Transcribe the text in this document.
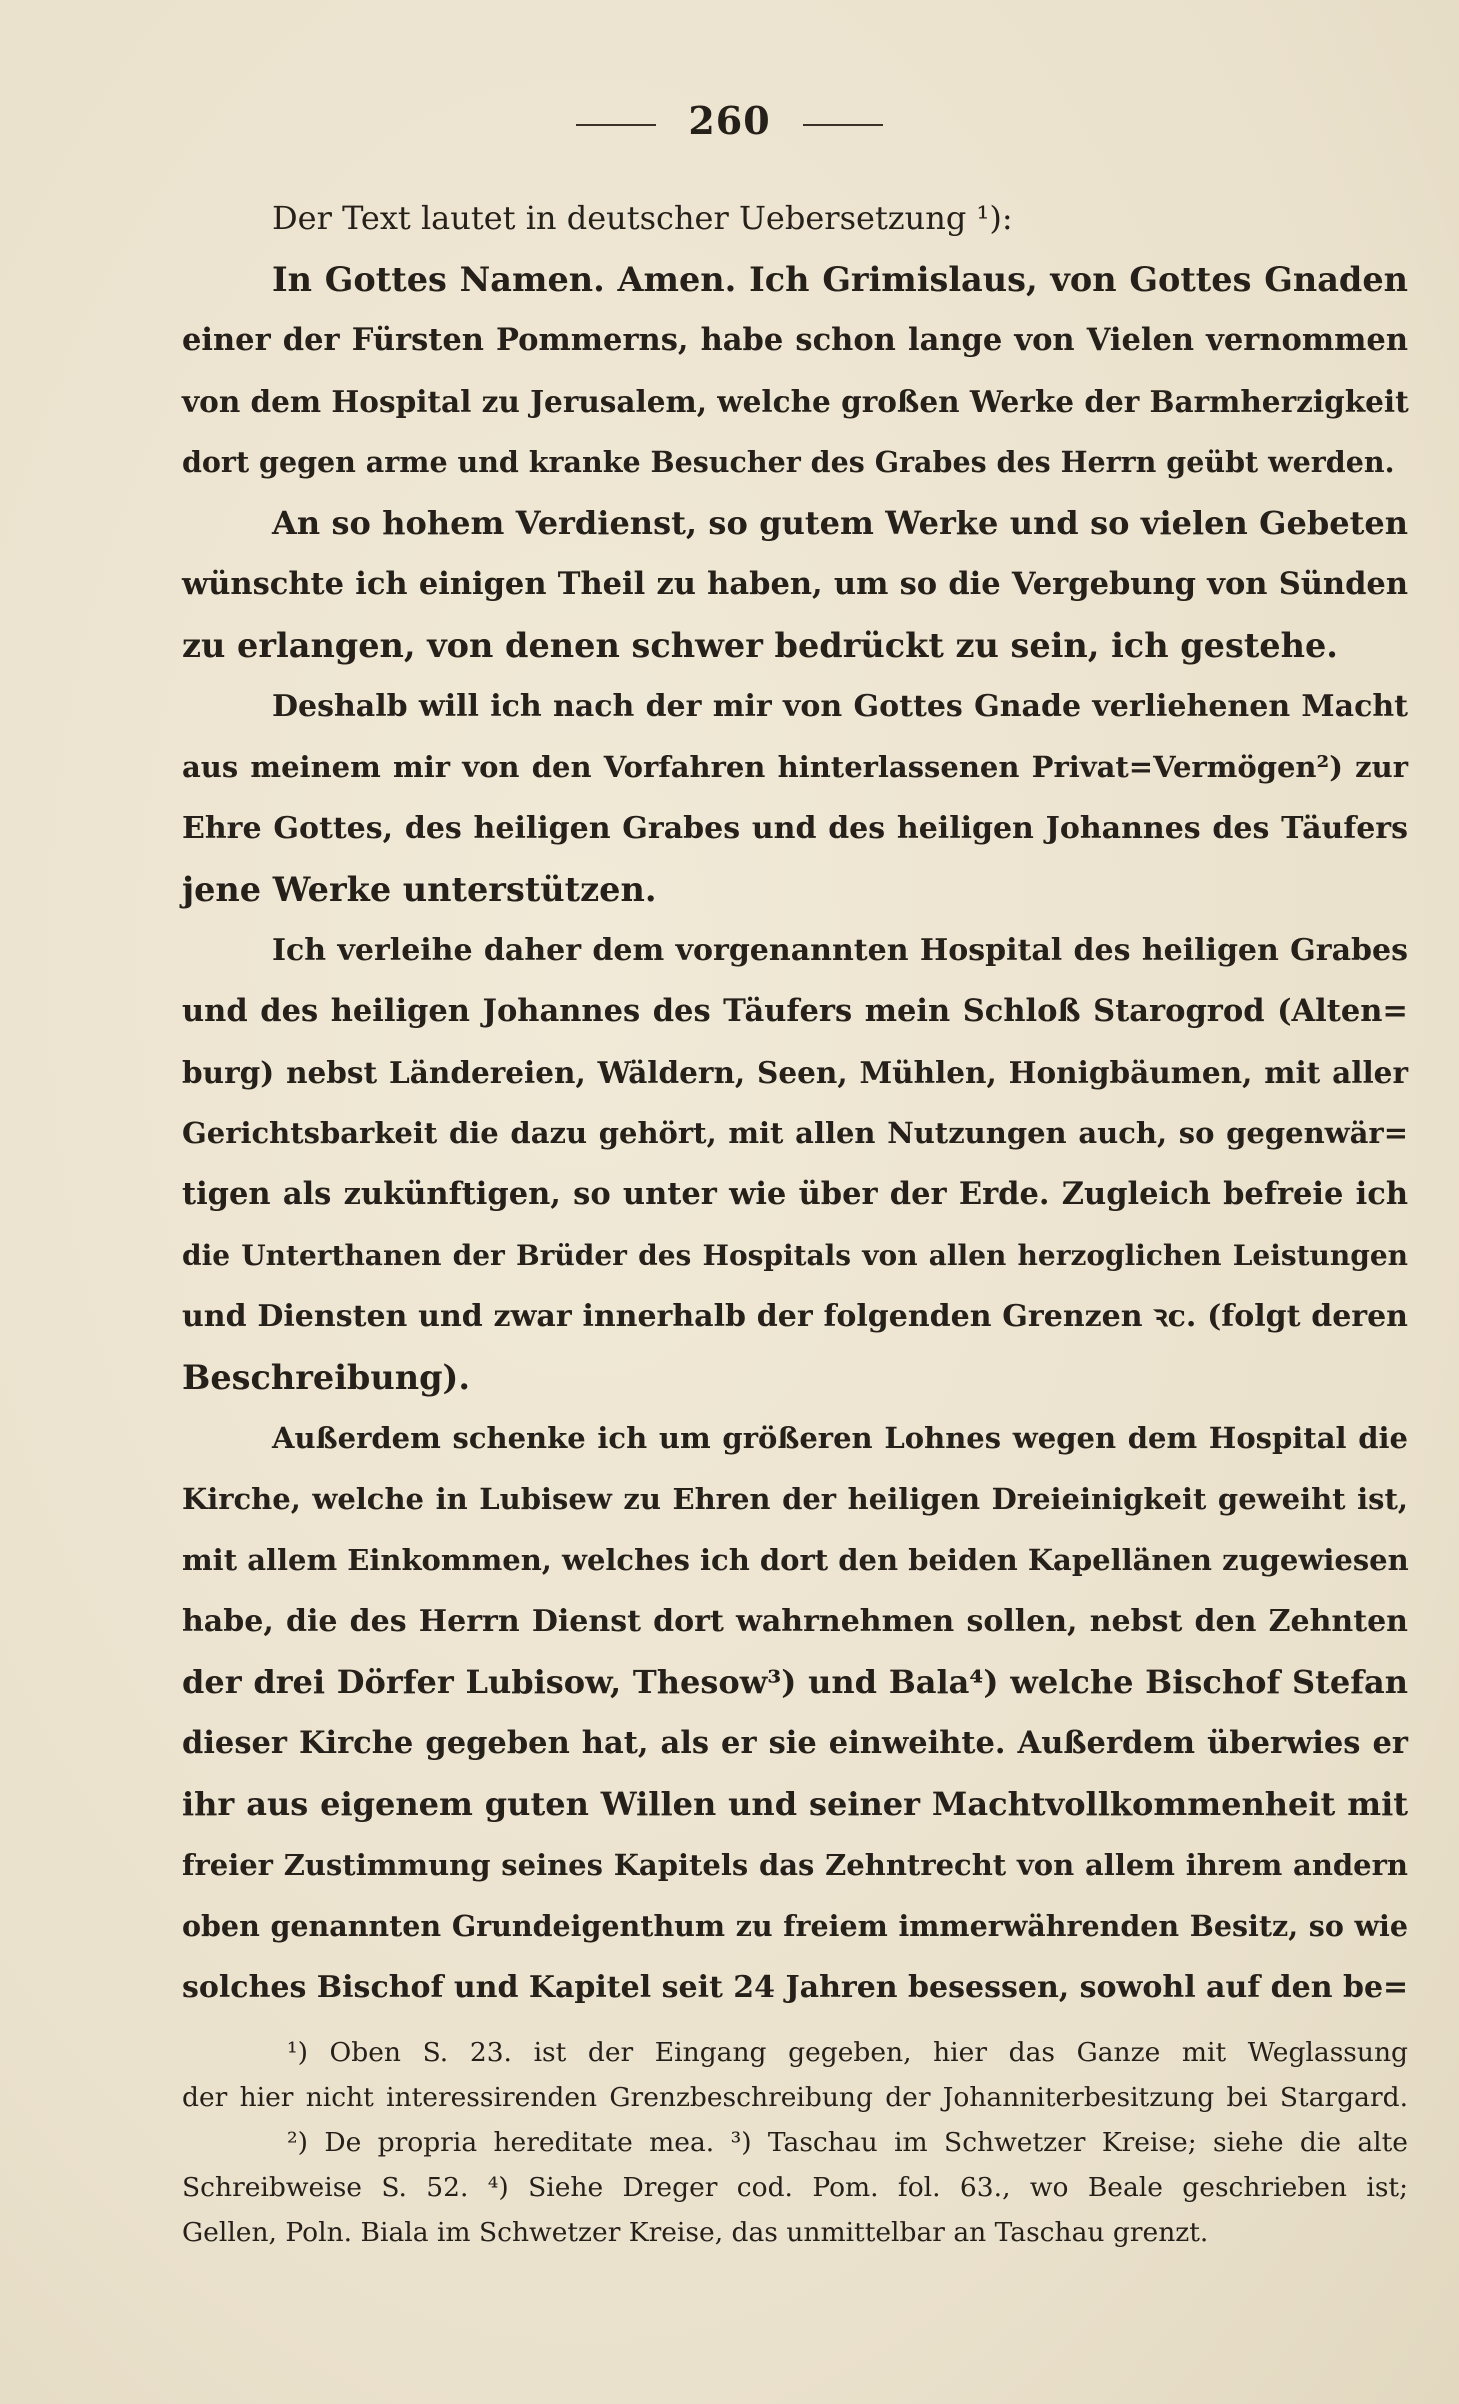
260
Der Text lautet in deutscher Uebersetzung ¹):
In Gottes Namen. Amen. Ich Grimislaus, von Gottes Gnaden
einer der Fürsten Pommerns, habe schon lange von Vielen vernommen
von dem Hospital zu Jerusalem, welche großen Werke der Barmherzigkeit
dort gegen arme und kranke Besucher des Grabes des Herrn geübt werden.
An so hohem Verdienst, so gutem Werke und so vielen Gebeten
wünschte ich einigen Theil zu haben, um so die Vergebung von Sünden
zu erlangen, von denen schwer bedrückt zu sein, ich gestehe.
Deshalb will ich nach der mir von Gottes Gnade verliehenen Macht
aus meinem mir von den Vorfahren hinterlassenen Privat=Vermögen²) zur
Ehre Gottes, des heiligen Grabes und des heiligen Johannes des Täufers
jene Werke unterstützen.
Ich verleihe daher dem vorgenannten Hospital des heiligen Grabes
und des heiligen Johannes des Täufers mein Schloß Starogrod (Alten=
burg) nebst Ländereien, Wäldern, Seen, Mühlen, Honigbäumen, mit aller
Gerichtsbarkeit die dazu gehört, mit allen Nutzungen auch, so gegenwär=
tigen als zukünftigen, so unter wie über der Erde. Zugleich befreie ich
die Unterthanen der Brüder des Hospitals von allen herzoglichen Leistungen
und Diensten und zwar innerhalb der folgenden Grenzen ꝛc. (folgt deren
Beschreibung).
Außerdem schenke ich um größeren Lohnes wegen dem Hospital die
Kirche, welche in Lubisew zu Ehren der heiligen Dreieinigkeit geweiht ist,
mit allem Einkommen, welches ich dort den beiden Kapellänen zugewiesen
habe, die des Herrn Dienst dort wahrnehmen sollen, nebst den Zehnten
der drei Dörfer Lubisow, Thesow³) und Bala⁴) welche Bischof Stefan
dieser Kirche gegeben hat, als er sie einweihte. Außerdem überwies er
ihr aus eigenem guten Willen und seiner Machtvollkommenheit mit
freier Zustimmung seines Kapitels das Zehntrecht von allem ihrem andern
oben genannten Grundeigenthum zu freiem immerwährenden Besitz, so wie
solches Bischof und Kapitel seit 24 Jahren besessen, sowohl auf den be=
¹) Oben S. 23. ist der Eingang gegeben, hier das Ganze mit Weglassung
der hier nicht interessirenden Grenzbeschreibung der Johanniterbesitzung bei Stargard.
²) De propria hereditate mea. ³) Taschau im Schwetzer Kreise; siehe die alte
Schreibweise S. 52. ⁴) Siehe Dreger cod. Pom. fol. 63., wo Beale geschrieben ist;
Gellen, Poln. Biala im Schwetzer Kreise, das unmittelbar an Taschau grenzt.
